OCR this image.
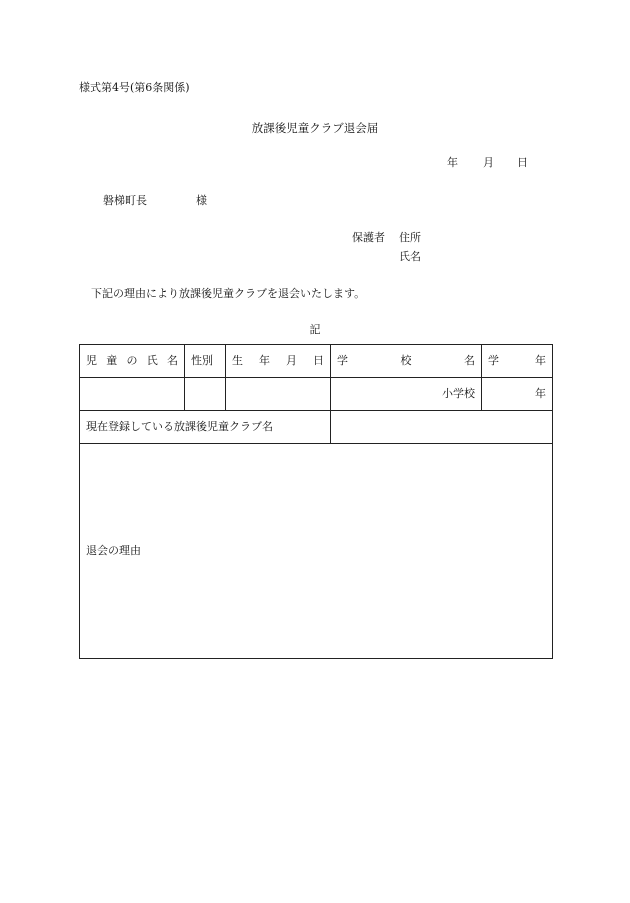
様式第4号(第6条関係)
放課後児童クラブ退会届
年 月 日
磐梯町長	様
保護者 住所
氏名
下記の理由により放課後児童クラブを退会いたします。
記
児 童 の 氏 名	性別	生 年 月 日	学 校 名	学 年

			小学校	年
現在登録している放課後児童クラブ名				
退会の理由				
